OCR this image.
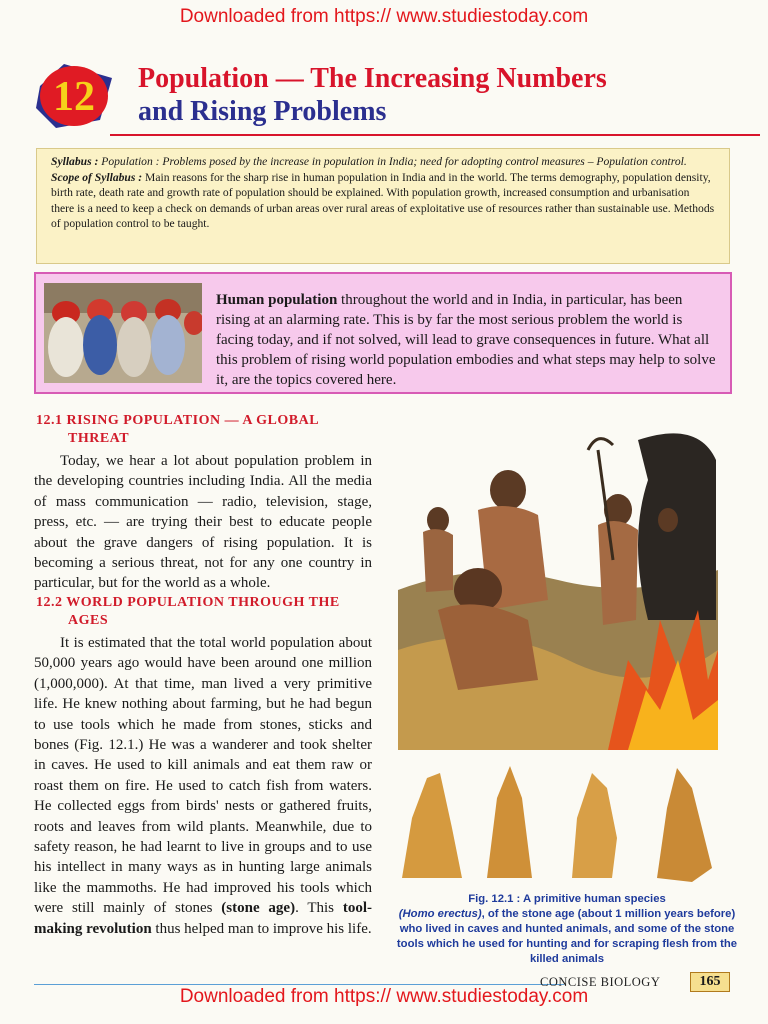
Downloaded from https:// www.studiestoday.com
12 Population — The Increasing Numbers
and Rising Problems

Syllabus : Population : Problems posed by the increase in population in India; need for adopting control measures – Population control.

Scope of Syllabus : Main reasons for the sharp rise in human population in India and in the world. The terms demography, population density, birth rate, death rate and growth rate of population should be explained. With population growth, increased consumption and urbanisation there is a need to keep a check on demands of urban areas over rural areas of exploitative use of resources rather than sustainable use. Methods of population control to be taught.

Human population throughout the world and in India, in particular, has been rising at an alarming rate. This is by far the most serious problem the world is facing today, and if not solved, will lead to grave consequences in future. What all this problem of rising world population embodies and what steps may help to solve it, are the topics covered here.
12.1 RISING POPULATION — A GLOBAL
THREAT

Today, we hear a lot about population problem in the developing countries including India. All the media of mass communication — radio, television, stage, press, etc. — are trying their best to educate people about the grave dangers of rising population. It is becoming a serious threat, not for any one country in particular, but for the world as a whole.

12.2 WORLD POPULATION THROUGH THE
AGES

It is estimated that the total world population about 50,000 years ago would have been around one million (1,000,000). At that time, man lived a very primitive life. He knew nothing about farming, but he had begun to use tools which he made from stones, sticks and bones (Fig. 12.1.) He was a wanderer and took shelter in caves. He used to kill animals and eat them raw or roast them on fire. He used to catch fish from waters. He collected eggs from birds' nests or gathered fruits, roots and leaves from wild plants. Meanwhile, due to safety reason, he had learnt to live in groups and to use his intellect in many ways as in hunting large animals like the mammoths. He had improved his tools which were still mainly of stones (stone age). This tool-making revolution thus helped man to improve his life.

Fig. 12.1 : A primitive human species
(Homo erectus), of the stone age (about 1 million years before) who lived in caves and hunted animals, and some of the stone tools which he used for hunting and for scraping flesh from the killed animals
CONCISE BIOLOGY	165
Downloaded from https:// www.studiestoday.com
